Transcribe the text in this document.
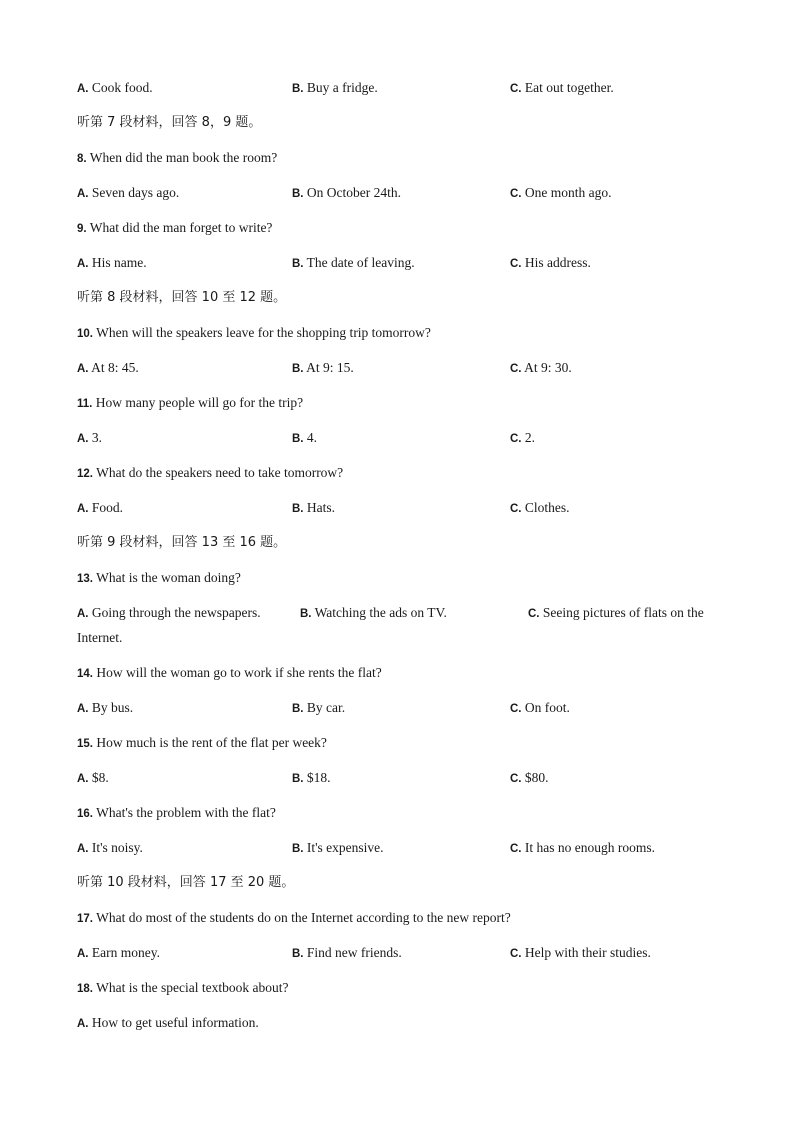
A. Cook food.	B. Buy a fridge.	C. Eat out together.
听第 7 段材料，回答 8，9 题。
8. When did the man book the room?
A. Seven days ago.	B. On October 24th.	C. One month ago.
9. What did the man forget to write?
A. His name.	B. The date of leaving.	C. His address.
听第 8 段材料，回答 10 至 12 题。
10. When will the speakers leave for the shopping trip tomorrow?
A. At 8: 45.	B. At 9: 15.	C. At 9: 30.
11. How many people will go for the trip?
A. 3.	B. 4.	C. 2.
12. What do the speakers need to take tomorrow?
A. Food.	B. Hats.	C. Clothes.
听第 9 段材料，回答 13 至 16 题。
13. What is the woman doing?
A. Going through the newspapers.	B. Watching the ads on TV.	C. Seeing pictures of flats on the
Internet.
14. How will the woman go to work if she rents the flat?
A. By bus.	B. By car.	C. On foot.
15. How much is the rent of the flat per week?
A. $8.	B. $18.	C. $80.
16. What's the problem with the flat?
A. It's noisy.	B. It's expensive.	C. It has no enough rooms.
听第 10 段材料，回答 17 至 20 题。
17. What do most of the students do on the Internet according to the new report?
A. Earn money.	B. Find new friends.	C. Help with their studies.
18. What is the special textbook about?
A. How to get useful information.
